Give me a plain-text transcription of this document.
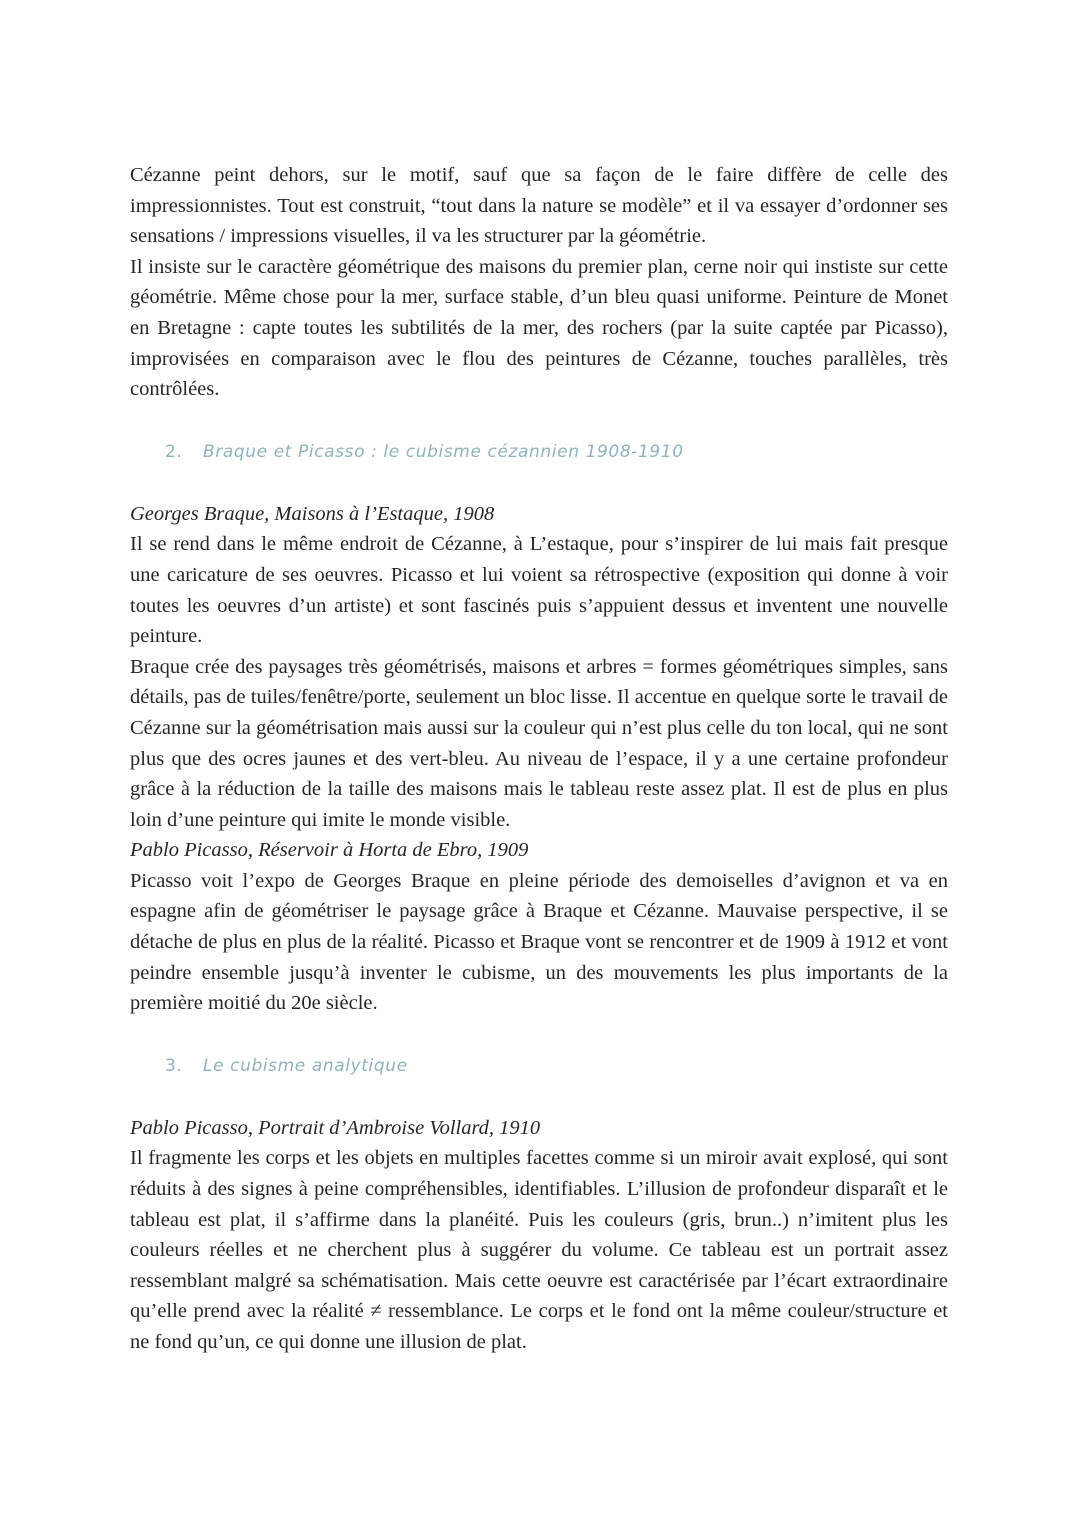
Cézanne peint dehors, sur le motif, sauf que sa façon de le faire diffère de celle des impressionnistes. Tout est construit, “tout dans la nature se modèle” et il va essayer d’ordonner ses sensations / impressions visuelles, il va les structurer par la géométrie.

Il insiste sur le caractère géométrique des maisons du premier plan, cerne noir qui instiste sur cette géométrie. Même chose pour la mer, surface stable, d’un bleu quasi uniforme. Peinture de Monet en Bretagne : capte toutes les subtilités de la mer, des rochers (par la suite captée par Picasso), improvisées en comparaison avec le flou des peintures de Cézanne, touches parallèles, très contrôlées.

2. Braque et Picasso : le cubisme cézannien 1908-1910

Georges Braque, Maisons à l’Estaque, 1908

Il se rend dans le même endroit de Cézanne, à L’estaque, pour s’inspirer de lui mais fait presque une caricature de ses oeuvres. Picasso et lui voient sa rétrospective (exposition qui donne à voir toutes les oeuvres d’un artiste) et sont fascinés puis s’appuient dessus et inventent une nouvelle peinture.

Braque crée des paysages très géométrisés, maisons et arbres = formes géométriques simples, sans détails, pas de tuiles/fenêtre/porte, seulement un bloc lisse. Il accentue en quelque sorte le travail de Cézanne sur la géométrisation mais aussi sur la couleur qui n’est plus celle du ton local, qui ne sont plus que des ocres jaunes et des vert-bleu. Au niveau de l’espace, il y a une certaine profondeur grâce à la réduction de la taille des maisons mais le tableau reste assez plat. Il est de plus en plus loin d’une peinture qui imite le monde visible.

Pablo Picasso, Réservoir à Horta de Ebro, 1909

Picasso voit l’expo de Georges Braque en pleine période des demoiselles d’avignon et va en espagne afin de géométriser le paysage grâce à Braque et Cézanne. Mauvaise perspective, il se détache de plus en plus de la réalité. Picasso et Braque vont se rencontrer et de 1909 à 1912 et vont peindre ensemble jusqu’à inventer le cubisme, un des mouvements les plus importants de la première moitié du 20e siècle.

3. Le cubisme analytique

Pablo Picasso, Portrait d’Ambroise Vollard, 1910

Il fragmente les corps et les objets en multiples facettes comme si un miroir avait explosé, qui sont réduits à des signes à peine compréhensibles, identifiables. L’illusion de profondeur disparaît et le tableau est plat, il s’affirme dans la planéité. Puis les couleurs (gris, brun..) n’imitent plus les couleurs réelles et ne cherchent plus à suggérer du volume. Ce tableau est un portrait assez ressemblant malgré sa schématisation. Mais cette oeuvre est caractérisée par l’écart extraordinaire qu’elle prend avec la réalité ≠ ressemblance. Le corps et le fond ont la même couleur/structure et ne fond qu’un, ce qui donne une illusion de plat.
